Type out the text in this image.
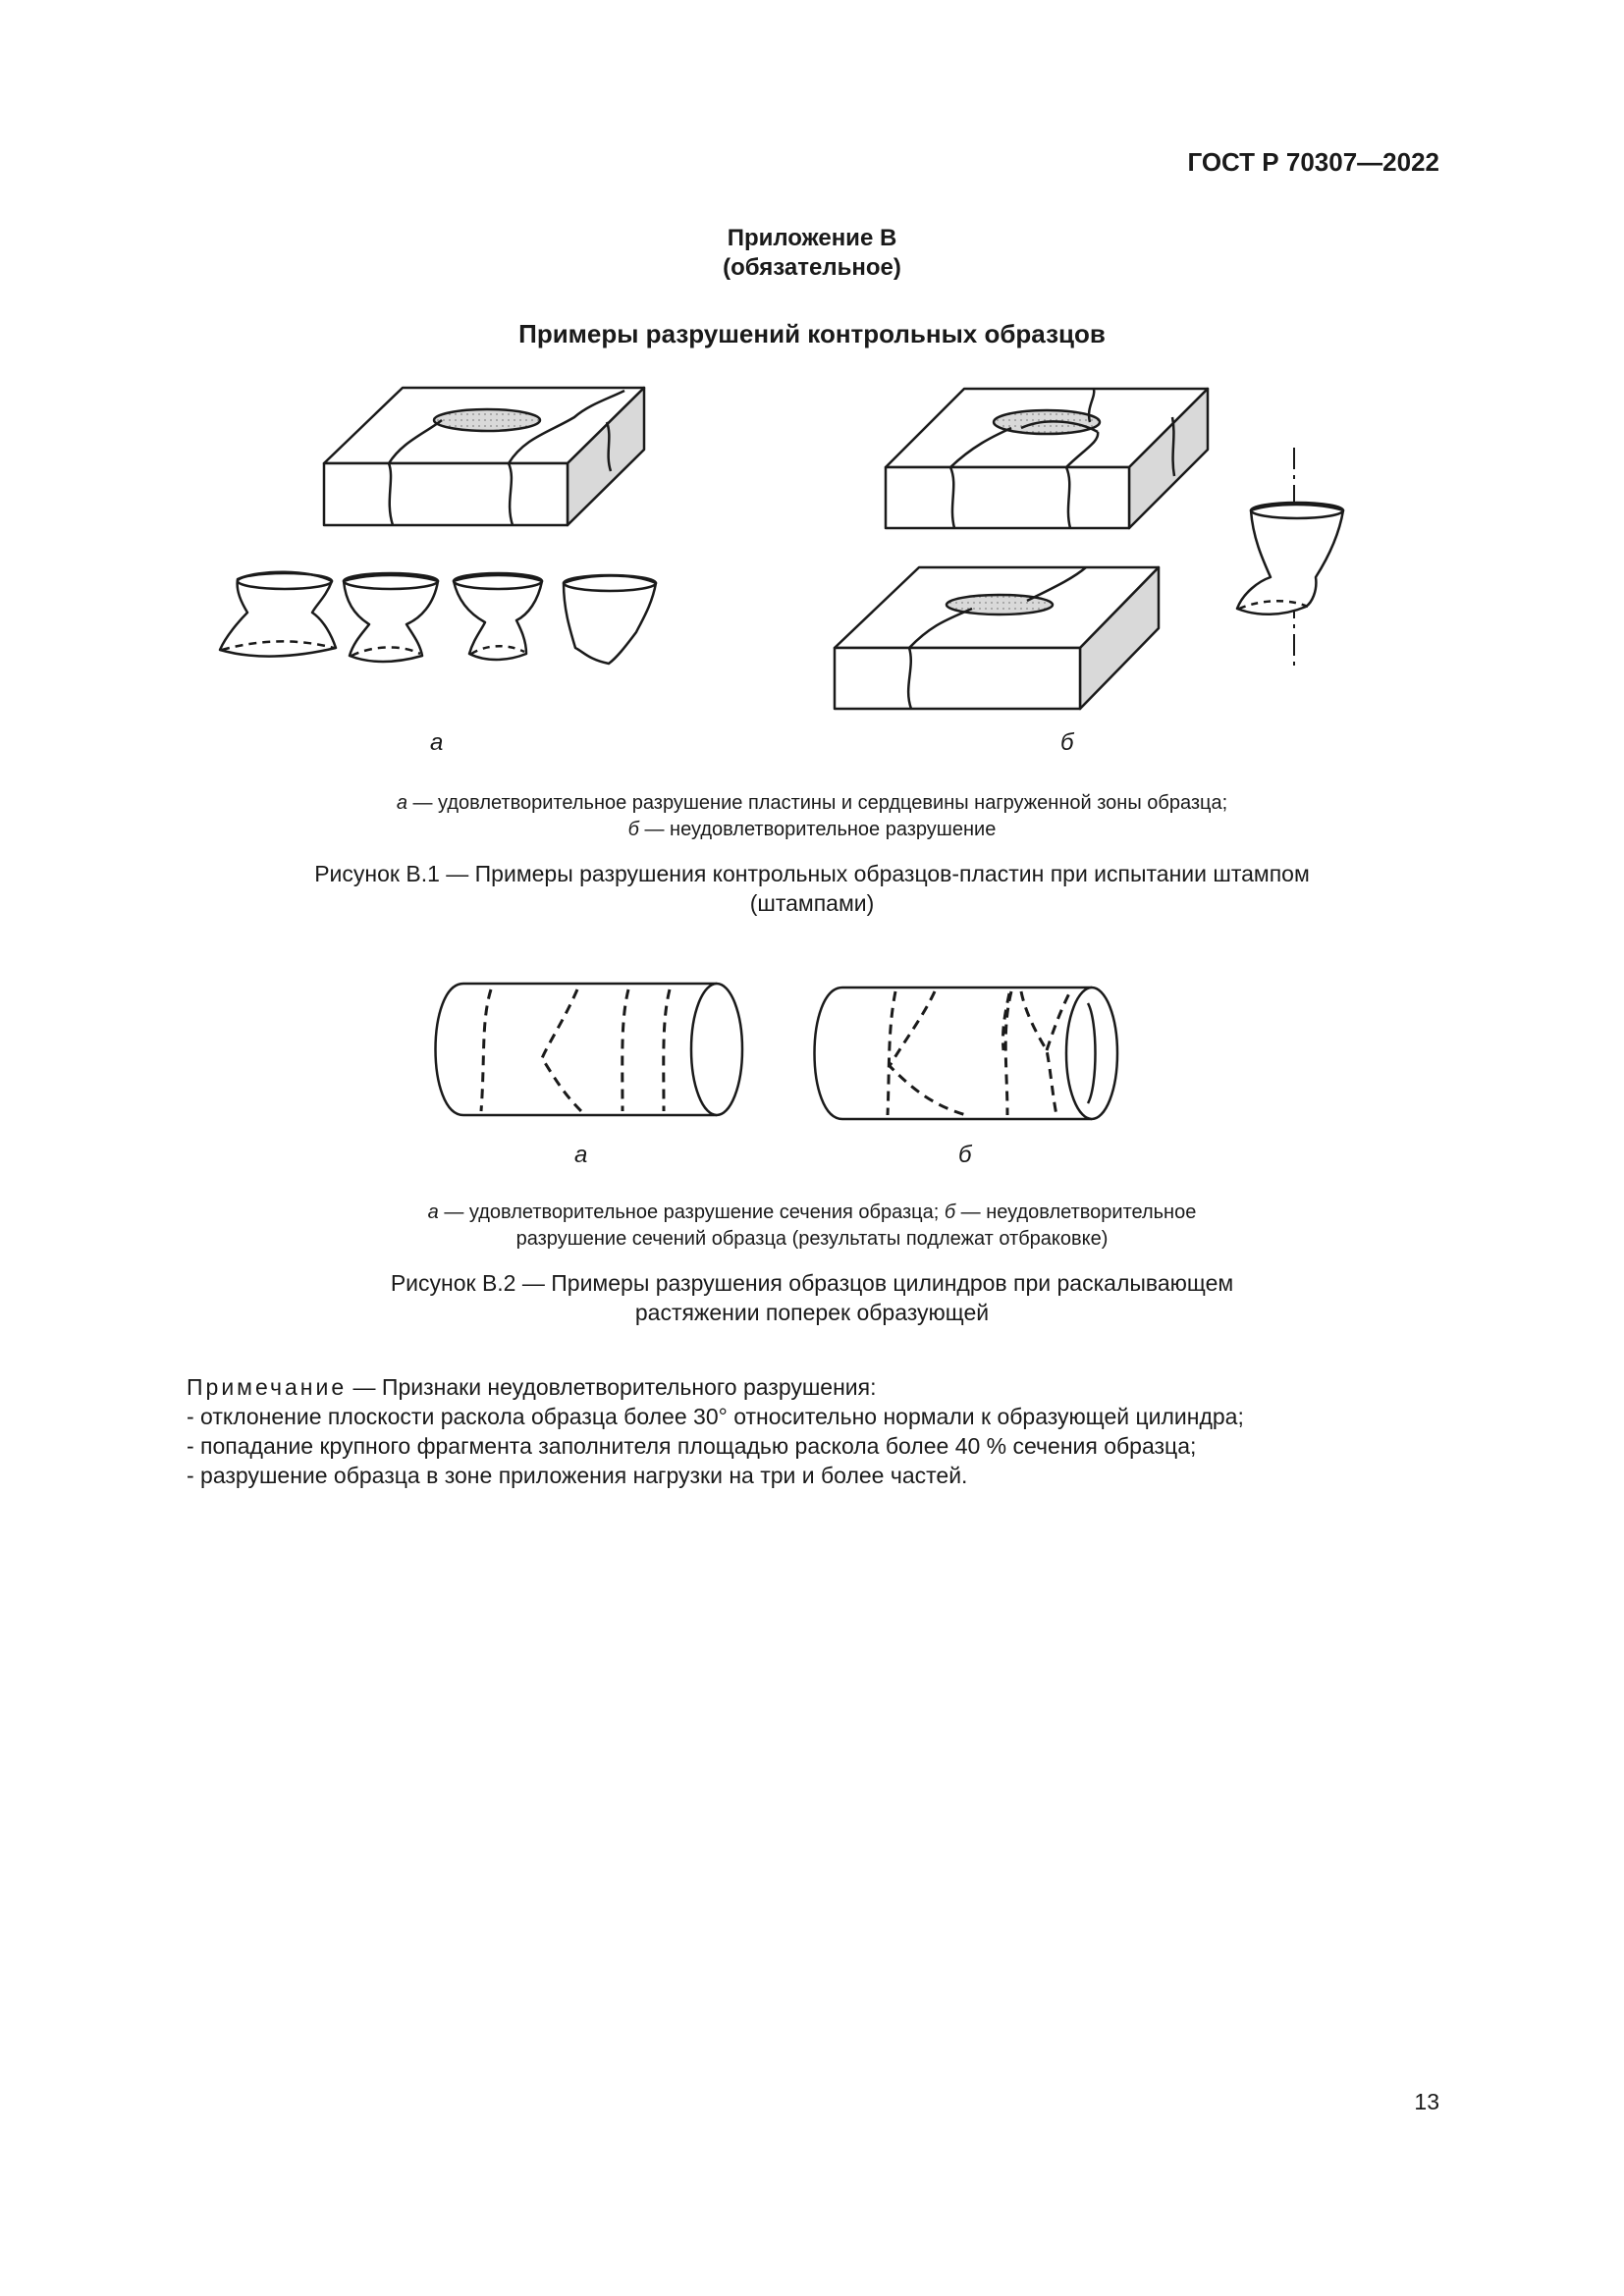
ГОСТ Р 70307—2022
Приложение В
(обязательное)
Примеры разрушений контрольных образцов
а	б
а — удовлетворительное разрушение пластины и сердцевины нагруженной зоны образца;
б — неудовлетворительное разрушение
Рисунок В.1 — Примеры разрушения контрольных образцов-пластин при испытании штампом
(штампами)
а	б
а — удовлетворительное разрушение сечения образца; б — неудовлетворительное
разрушение сечений образца (результаты подлежат отбраковке)
Рисунок В.2 — Примеры разрушения образцов цилиндров при раскалывающем
растяжении поперек образующей
Примечание — Признаки неудовлетворительного разрушения:
- отклонение плоскости раскола образца более 30° относительно нормали к образующей цилиндра;
- попадание крупного фрагмента заполнителя площадью раскола более 40 % сечения образца;
- разрушение образца в зоне приложения нагрузки на три и более частей.
13
